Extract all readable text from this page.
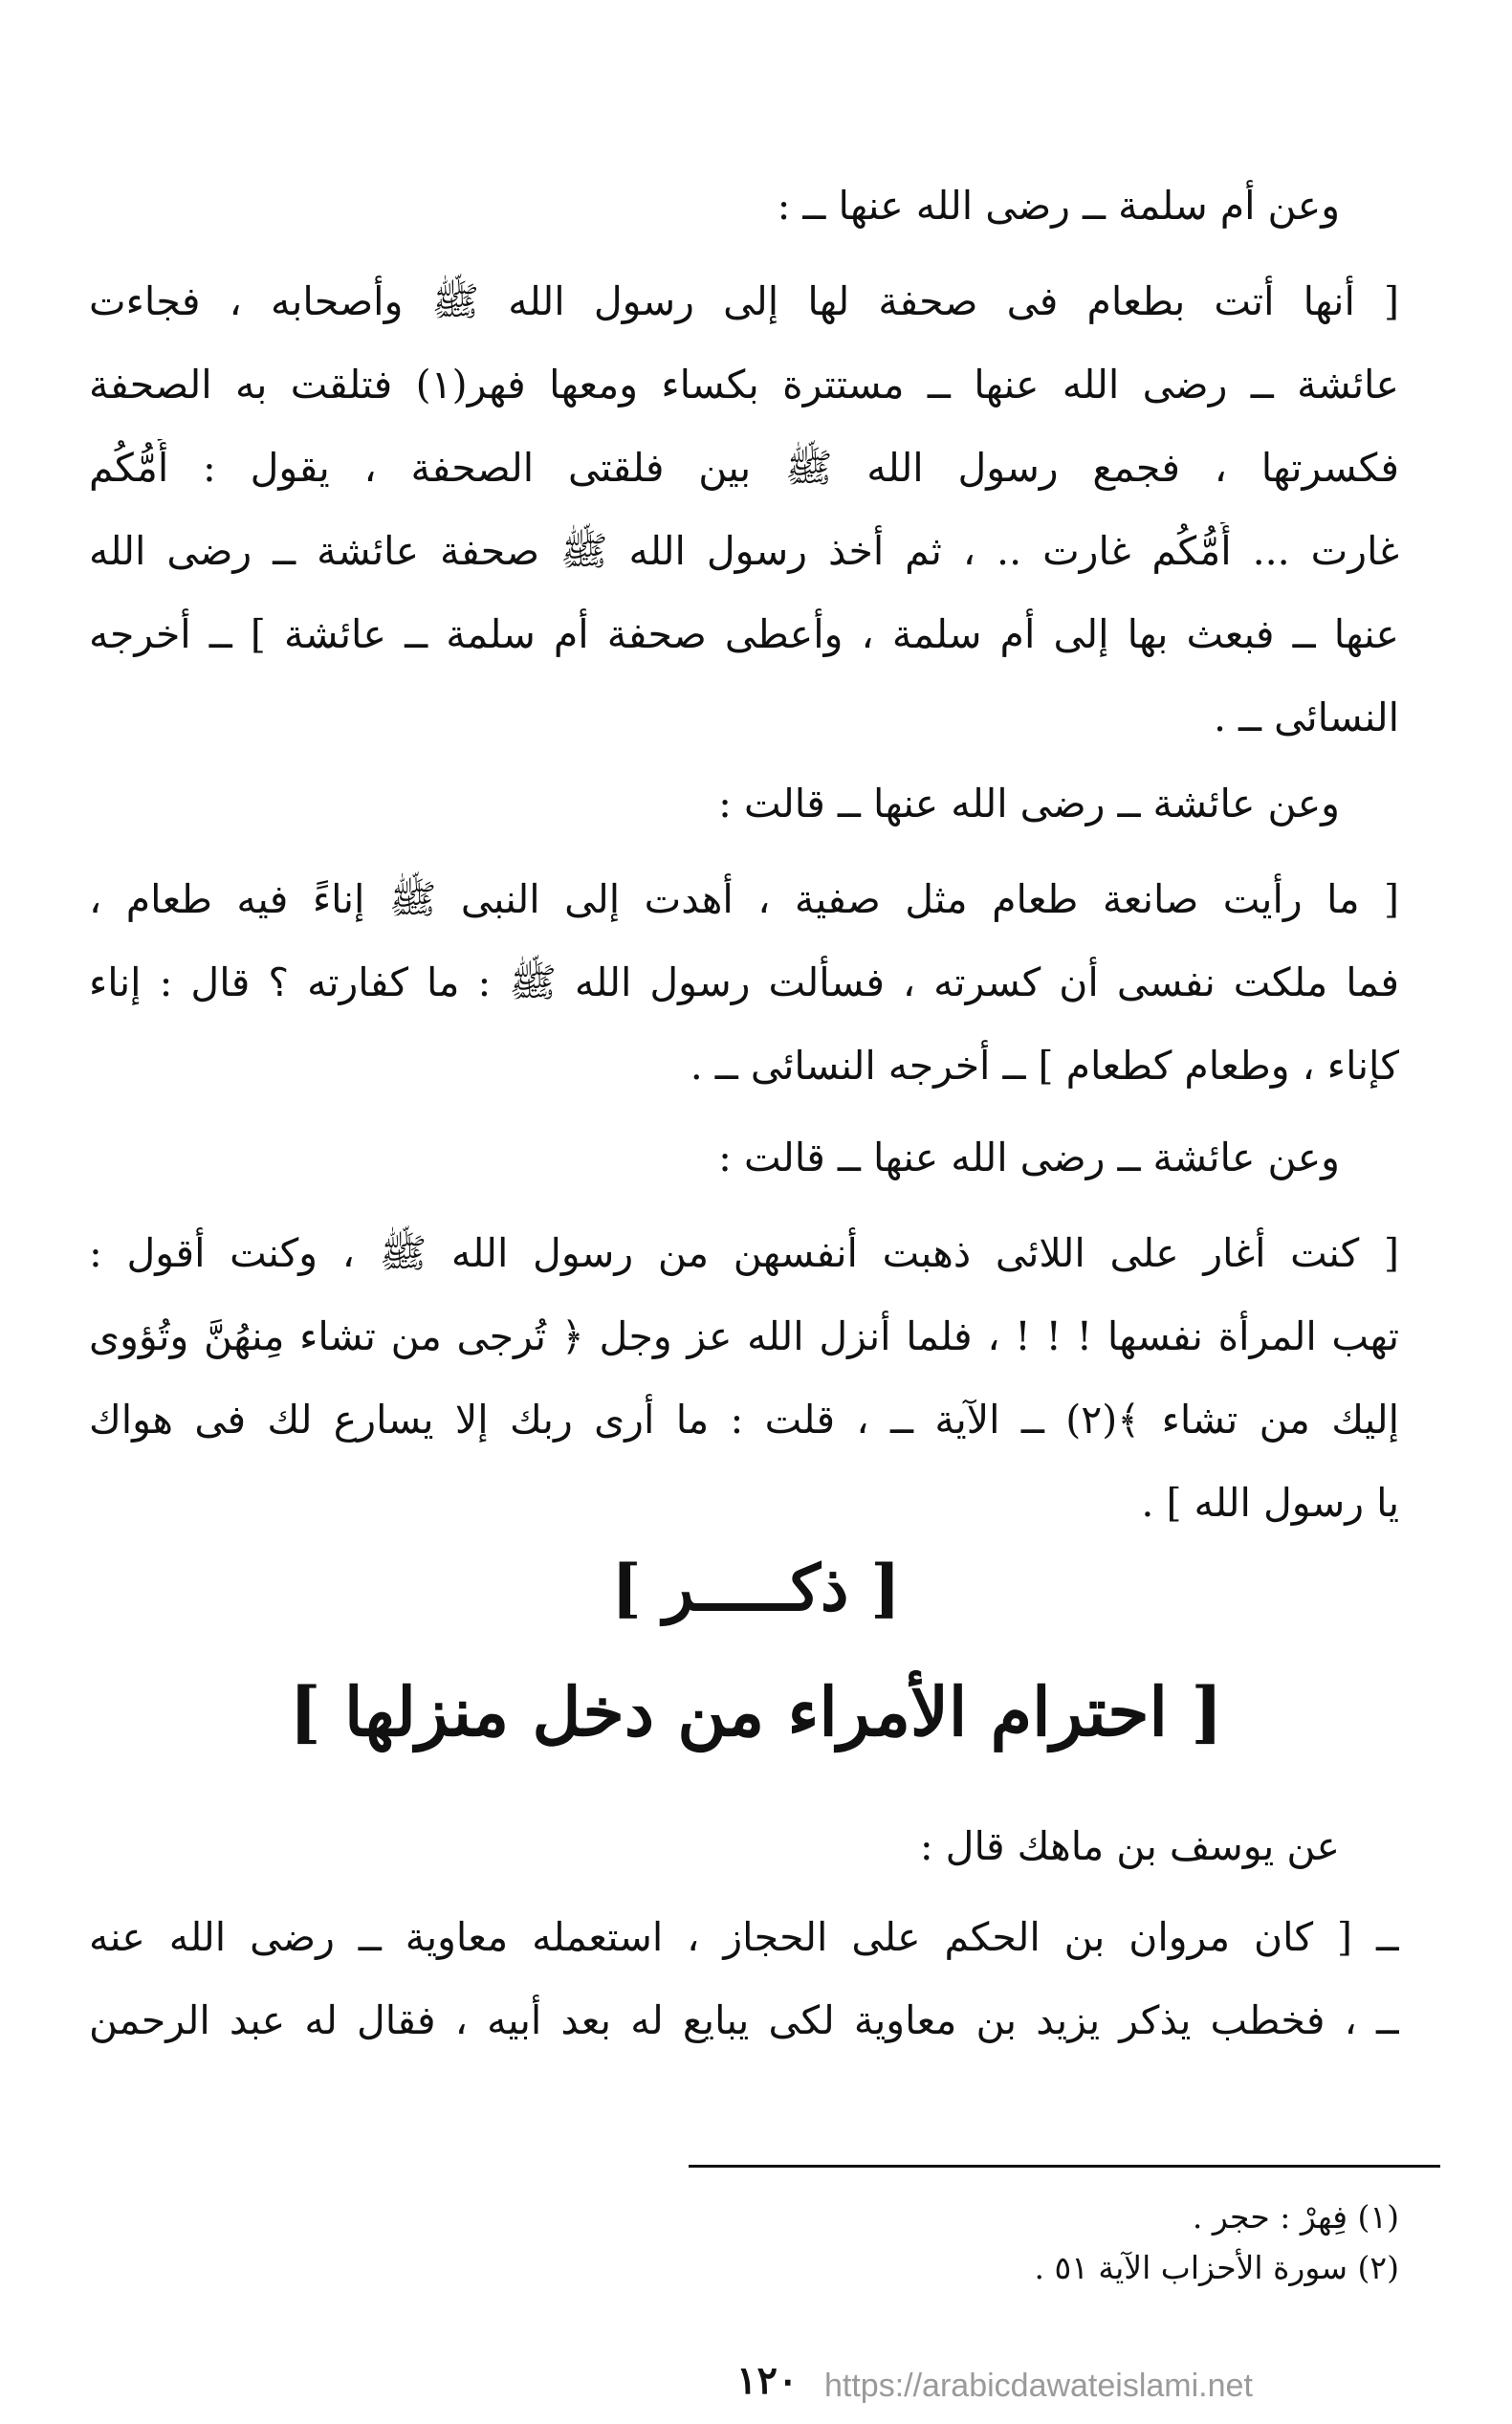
وعن أم سلمة ــ رضى الله عنها ــ :
[ أنها أتت بطعام فى صحفة لها إلى رسول الله ﷺ وأصحابه ، فجاءت
عائشة ــ رضى الله عنها ــ مستترة بكساء ومعها فهر(١) فتلقت به الصحفة
فكسرتها ، فجمع رسول الله ﷺ بين فلقتى الصحفة ، يقول : أُمُّكُم
غارت ... أُمُّكُم غارت .. ، ثم أخذ رسول الله ﷺ صحفة عائشة ــ رضى الله
عنها ــ فبعث بها إلى أم سلمة ، وأعطى صحفة أم سلمة ــ عائشة ] ــ أخرجه
النسائى ــ .
وعن عائشة ــ رضى الله عنها ــ قالت :
[ ما رأيت صانعة طعام مثل صفية ، أهدت إلى النبى ﷺ إناءً فيه طعام ،
فما ملكت نفسى أن كسرته ، فسألت رسول الله ﷺ : ما كفارته ؟ قال : إناء
كإناء ، وطعام كطعام ] ــ أخرجه النسائى ــ .
وعن عائشة ــ رضى الله عنها ــ قالت :
[ كنت أغار على اللائى ذهبت أنفسهن من رسول الله ﷺ ، وكنت أقول :
تهب المرأة نفسها ! ! ! ، فلما أنزل الله عز وجل ﴿ تُرجى من تشاء مِنهُنَّ وتُؤوى
إليك من تشاء ﴾(٢) ــ الآية ــ ، قلت : ما أرى ربك إلا يسارع لك فى هواك
يا رسول الله ] .
[ ذكـــــر ]
[ احترام الأمراء من دخل منزلها ]
عن يوسف بن ماهك قال :
ــ [ كان مروان بن الحكم على الحجاز ، استعمله معاوية ــ رضى الله عنه
ــ ، فخطب يذكر يزيد بن معاوية لكى يبايع له بعد أبيه ، فقال له عبد الرحمن
(١) فِهرْ : حجر .
(٢) سورة الأحزاب الآية ٥١ .
١٢٠ https://arabicdawateislami.net
